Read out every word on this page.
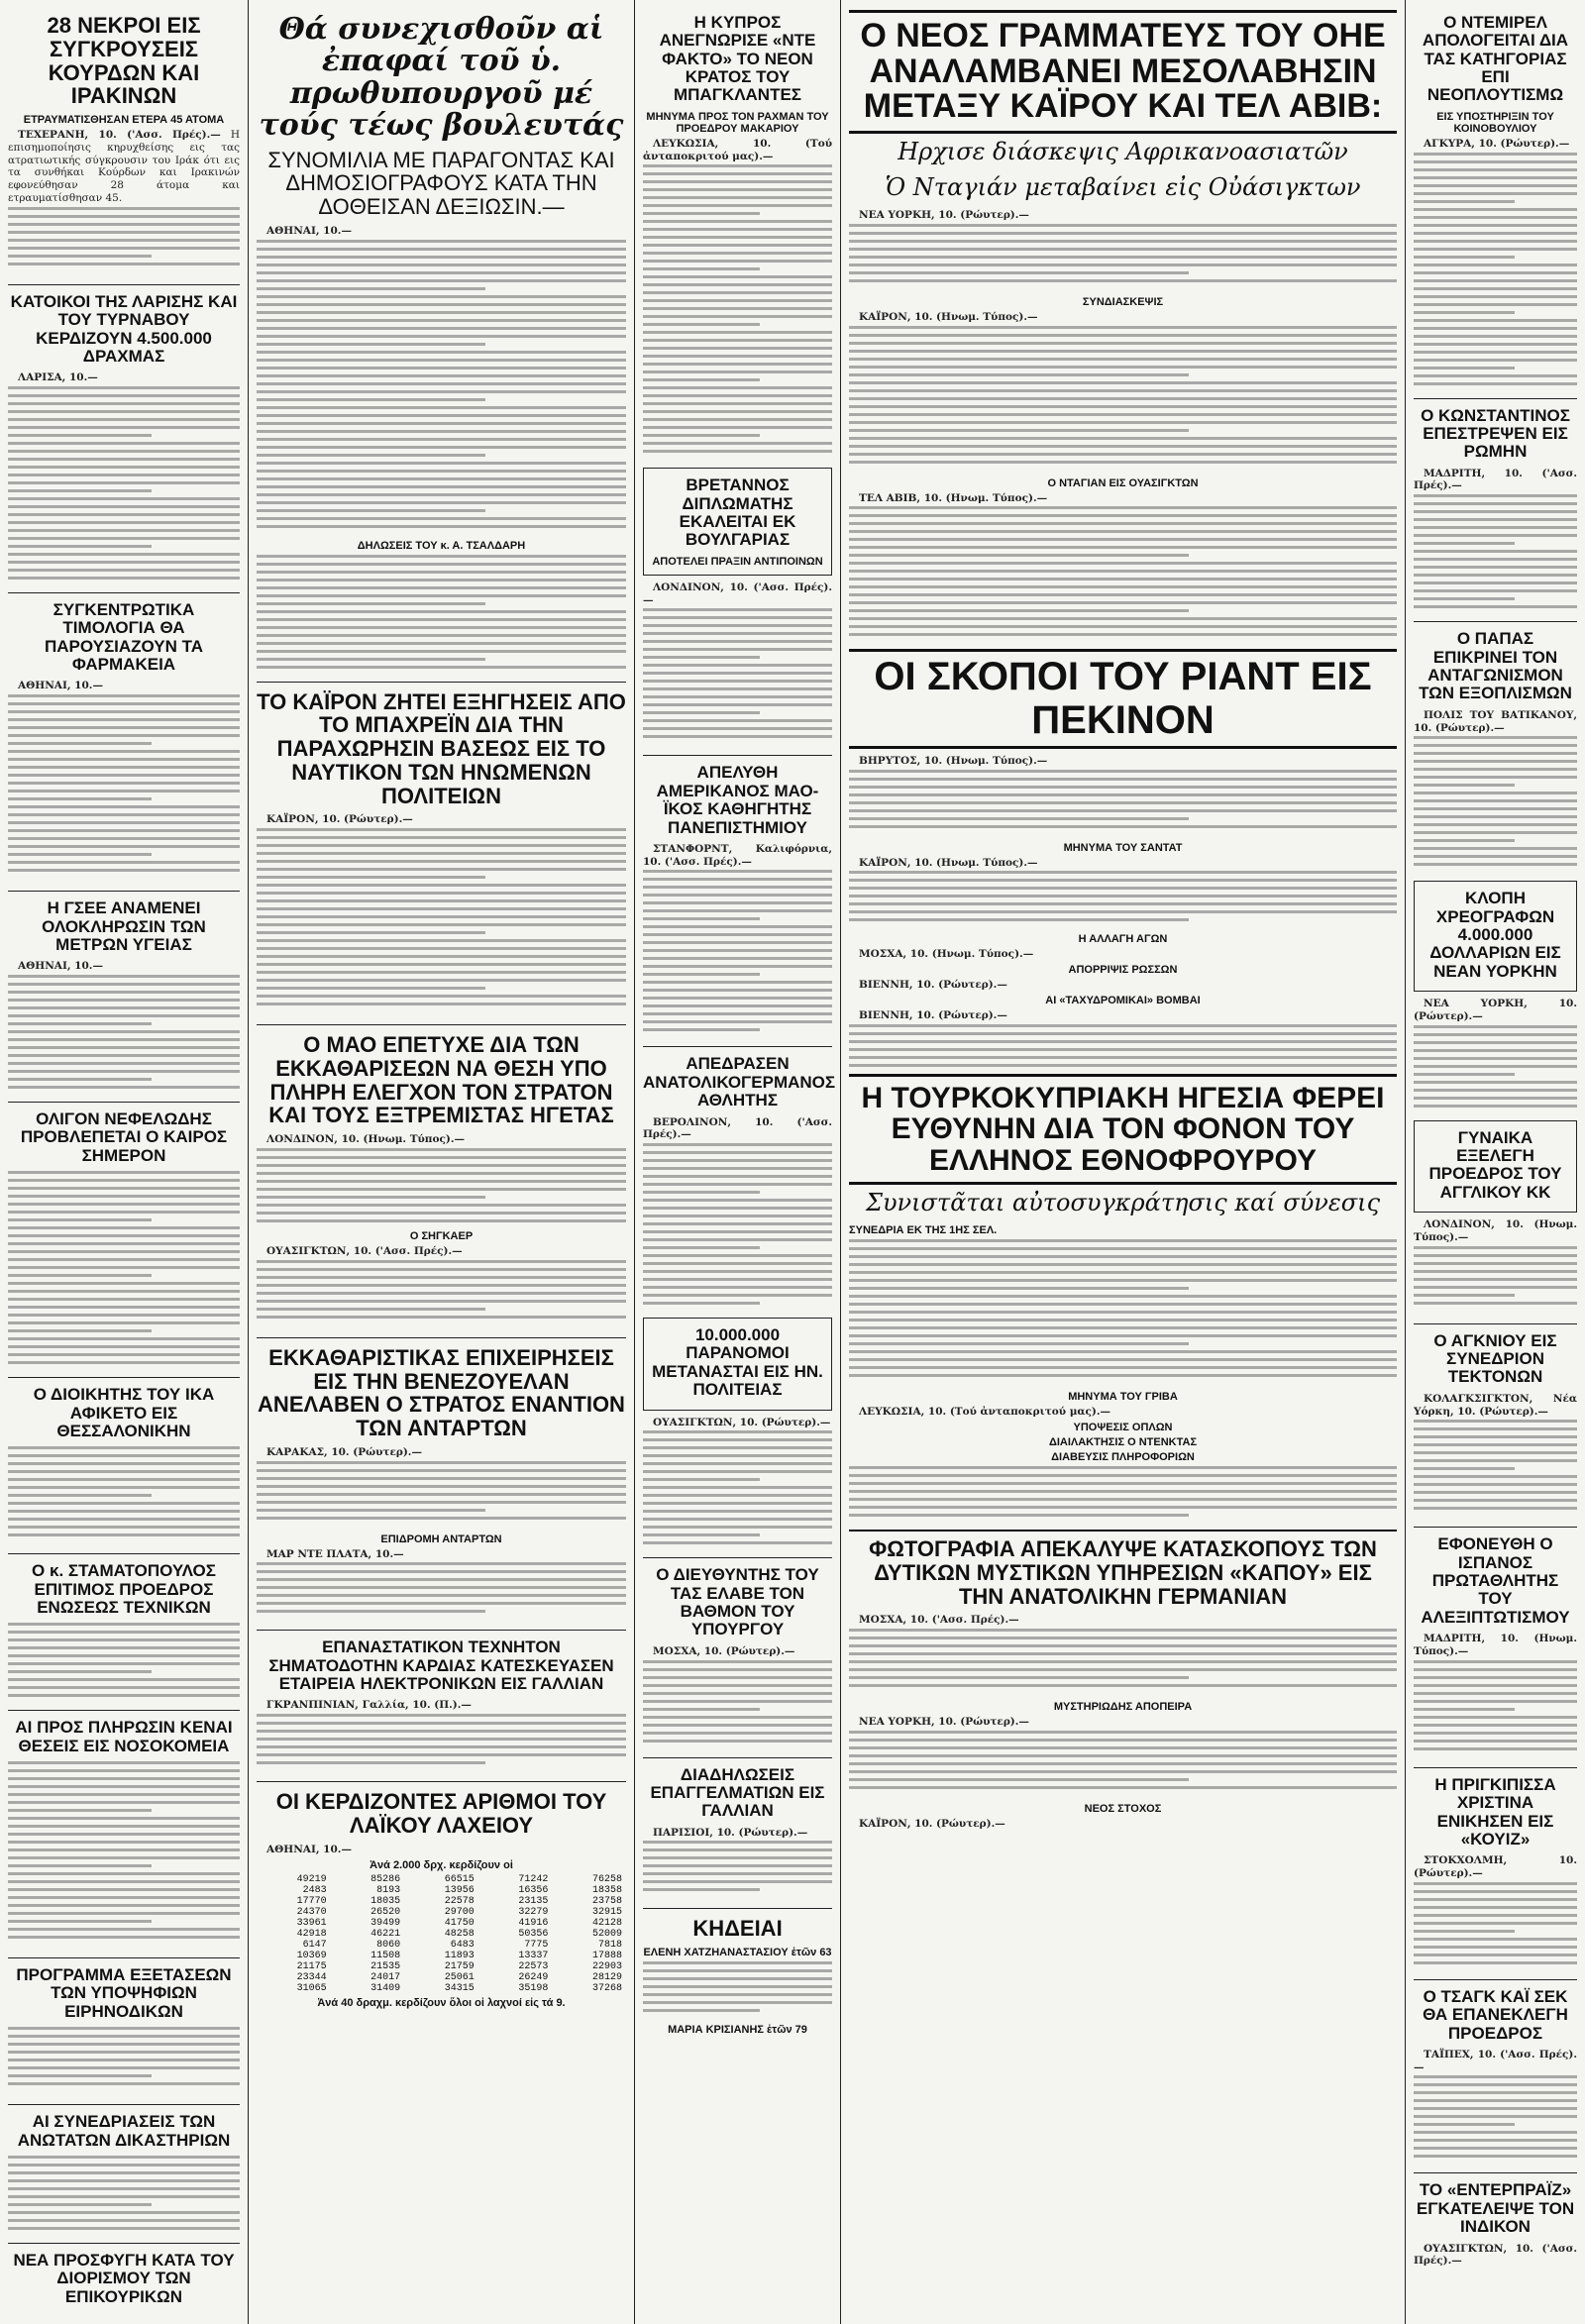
28 ΝΕΚΡΟΙ ΕΙΣ ΣΥΓΚΡΟΥΣΕΙΣ ΚΟΥΡΔΩΝ ΚΑΙ ΙΡΑΚΙΝΩΝ
ΕΤΡΑΥΜΑΤΙΣΘΗΣΑΝ ΕΤΕΡΑ 45 ΑΤΟΜΑ

ΤΕΧΕΡΑΝΗ, 10. ('Ασσ. Πρές).— Η επισημοποίησις κηρυχθείσης εις τας ατρατιωτικής σύγκρουσιν του Ιράκ ότι εις τα συνθήκαι Κούρδων και Ιρακινών εφονεύθησαν 28 άτομα και ετραυματίσθησαν 45.

ΚΑΤΟΙΚΟΙ ΤΗΣ ΛΑΡΙΣΗΣ ΚΑΙ ΤΟΥ ΤΥΡΝΑΒΟΥ ΚΕΡΔΙΖΟΥΝ 4.500.000 ΔΡΑΧΜΑΣ

ΛΑΡΙΣΑ, 10.—

ΣΥΓΚΕΝΤΡΩΤΙΚΑ ΤΙΜΟΛΟΓΙΑ ΘΑ ΠΑΡΟΥΣΙΑΖΟΥΝ ΤΑ ΦΑΡΜΑΚΕΙΑ

ΑΘΗΝΑΙ, 10.—

Η ΓΣΕΕ ΑΝΑΜΕΝΕΙ ΟΛΟΚΛΗΡΩΣΙΝ ΤΩΝ ΜΕΤΡΩΝ ΥΓΕΙΑΣ

ΑΘΗΝΑΙ, 10.—

ΟΛΙΓΟΝ ΝΕΦΕΛΩΔΗΣ ΠΡΟΒΛΕΠΕΤΑΙ Ο ΚΑΙΡΟΣ ΣΗΜΕΡΟΝ
Ο ΔΙΟΙΚΗΤΗΣ ΤΟΥ ΙΚΑ ΑΦΙΚΕΤΟ ΕΙΣ ΘΕΣΣΑΛΟΝΙΚΗΝ
Ο κ. ΣΤΑΜΑΤΟΠΟΥΛΟΣ ΕΠΙΤΙΜΟΣ ΠΡΟΕΔΡΟΣ ΕΝΩΣΕΩΣ ΤΕΧΝΙΚΩΝ
ΑΙ ΠΡΟΣ ΠΛΗΡΩΣΙΝ ΚΕΝΑΙ ΘΕΣΕΙΣ ΕΙΣ ΝΟΣΟΚΟΜΕΙΑ
ΠΡΟΓΡΑΜΜΑ ΕΞΕΤΑΣΕΩΝ ΤΩΝ ΥΠΟΨΗΦΙΩΝ ΕΙΡΗΝΟΔΙΚΩΝ
ΑΙ ΣΥΝΕΔΡΙΑΣΕΙΣ ΤΩΝ ΑΝΩΤΑΤΩΝ ΔΙΚΑΣΤΗΡΙΩΝ
ΝΕΑ ΠΡΟΣΦΥΓΗ ΚΑΤΑ ΤΟΥ ΔΙΟΡΙΣΜΟΥ ΤΩΝ ΕΠΙΚΟΥΡΙΚΩΝ
Θά συνεχισθοῦν αἱ ἐπαφαί τοῦ ὑ. πρωθυπουργοῦ μέ τούς τέως βουλευτάς
ΣΥΝΟΜΙΛΙΑ ΜΕ ΠΑΡΑΓΟΝΤΑΣ ΚΑΙ ΔΗΜΟΣΙΟΓΡΑΦΟΥΣ ΚΑΤΑ ΤΗΝ ΔΟΘΕΙΣΑΝ ΔΕΞΙΩΣΙΝ.—

ΑΘΗΝΑΙ, 10.—

ΔΗΛΩΣΕΙΣ ΤΟΥ κ. Α. ΤΣΑΛΔΑΡΗ
ΤΟ ΚΑΪΡΟΝ ΖΗΤΕΙ ΕΞΗΓΗΣΕΙΣ ΑΠΟ ΤΟ ΜΠΑΧΡΕΪΝ ΔΙΑ ΤΗΝ ΠΑΡΑΧΩΡΗΣΙΝ ΒΑΣΕΩΣ ΕΙΣ ΤΟ ΝΑΥΤΙΚΟΝ ΤΩΝ ΗΝΩΜΕΝΩΝ ΠΟΛΙΤΕΙΩΝ

ΚΑΪΡΟΝ, 10. (Ρώυτερ).—

Ο ΜΑΟ ΕΠΕΤΥΧΕ ΔΙΑ ΤΩΝ ΕΚΚΑΘΑΡΙΣΕΩΝ ΝΑ ΘΕΣΗ ΥΠΟ ΠΛΗΡΗ ΕΛΕΓΧΟΝ ΤΟΝ ΣΤΡΑΤΟΝ ΚΑΙ ΤΟΥΣ ΕΞΤΡΕΜΙΣΤΑΣ ΗΓΕΤΑΣ

ΛΟΝΔΙΝΟΝ, 10. (Ηνωμ. Τύπος).—

Ο ΣΗΓΚΑΕΡ

ΟΥΑΣΙΓΚΤΩΝ, 10. ('Ασσ. Πρές).—

ΕΚΚΑΘΑΡΙΣΤΙΚΑΣ ΕΠΙΧΕΙΡΗΣΕΙΣ ΕΙΣ ΤΗΝ ΒΕΝΕΖΟΥΕΛΑΝ ΑΝΕΛΑΒΕΝ Ο ΣΤΡΑΤΟΣ ΕΝΑΝΤΙΟΝ ΤΩΝ ΑΝΤΑΡΤΩΝ

ΚΑΡΑΚΑΣ, 10. (Ρώυτερ).—

ΕΠΙΔΡΟΜΗ ΑΝΤΑΡΤΩΝ

ΜΑΡ ΝΤΕ ΠΛΑΤΑ, 10.—

ΕΠΑΝΑΣΤΑΤΙΚΟΝ ΤΕΧΝΗΤΟΝ ΣΗΜΑΤΟΔΟΤΗΝ ΚΑΡΔΙΑΣ ΚΑΤΕΣΚΕΥΑΣΕΝ ΕΤΑΙΡΕΙΑ ΗΛΕΚΤΡΟΝΙΚΩΝ ΕΙΣ ΓΑΛΛΙΑΝ

ΓΚΡΑΝΠΙΝΙΑΝ, Γαλλία, 10. (Π.).—

ΟΙ ΚΕΡΔΙΖΟΝΤΕΣ ΑΡΙΘΜΟΙ ΤΟΥ ΛΑΪΚΟΥ ΛΑΧΕΙΟΥ

ΑΘΗΝΑΙ, 10.—

Ἀνά 2.000 δρχ. κερδίζουν οἱ
49219	85286	66515	71242	76258
2483	8193	13956	16356	18358
17770	18035	22578	23135	23758
24370	26520	29700	32279	32915
33961	39499	41750	41916	42128
42918	46221	48258	50356	52009
6147	8060	6483	7775	7818
10369	11508	11893	13337	17888
21175	21535	21759	22573	22903
23344	24017	25061	26249	28129
31065	31409	34315	35198	37268
Ἀνά 40 δραχμ. κερδίζουν ὅλοι οἱ λαχνοί εἰς τά 9.
Η ΚΥΠΡΟΣ ΑΝΕΓΝΩΡΙΣΕ «ΝΤΕ ΦΑΚΤΟ» ΤΟ ΝΕΟΝ ΚΡΑΤΟΣ ΤΟΥ ΜΠΑΓΚΛΑΝΤΕΣ
ΜΗΝΥΜΑ ΠΡΟΣ ΤΟΝ ΡΑΧΜΑΝ ΤΟΥ ΠΡΟΕΔΡΟΥ ΜΑΚΑΡΙΟΥ

ΛΕΥΚΩΣΙΑ, 10. (Τού ἀνταποκριτού μας).—

ΒΡΕΤΑΝΝΟΣ ΔΙΠΛΩΜΑΤΗΣ ΕΚΑΛΕΙΤΑΙ ΕΚ ΒΟΥΛΓΑΡΙΑΣ
ΑΠΟΤΕΛΕΙ ΠΡΑΞΙΝ ΑΝΤΙΠΟΙΝΩΝ

ΛΟΝΔΙΝΟΝ, 10. ('Ασσ. Πρές).—

ΑΠΕΛΥΘΗ ΑΜΕΡΙΚΑΝΟΣ ΜΑΟ-ΪΚΟΣ ΚΑΘΗΓΗΤΗΣ ΠΑΝΕΠΙΣΤΗΜΙΟΥ

ΣΤΑΝΦΟΡΝΤ, Καλιφόρνια, 10. ('Ασσ. Πρές).—

ΑΠΕΔΡΑΣΕΝ ΑΝΑΤΟΛΙΚΟΓΕΡΜΑΝΟΣ ΑΘΛΗΤΗΣ

ΒΕΡΟΛΙΝΟΝ, 10. ('Ασσ. Πρές).—

10.000.000 ΠΑΡΑΝΟΜΟΙ ΜΕΤΑΝΑΣΤΑΙ ΕΙΣ ΗΝ. ΠΟΛΙΤΕΙΑΣ

ΟΥΑΣΙΓΚΤΩΝ, 10. (Ρώυτερ).—

Ο ΔΙΕΥΘΥΝΤΗΣ ΤΟΥ ΤΑΣ ΕΛΑΒΕ ΤΟΝ ΒΑΘΜΟΝ ΤΟΥ ΥΠΟΥΡΓΟΥ

ΜΟΣΧΑ, 10. (Ρώυτερ).—

ΔΙΑΔΗΛΩΣΕΙΣ ΕΠΑΓΓΕΛΜΑΤΙΩΝ ΕΙΣ ΓΑΛΛΙΑΝ

ΠΑΡΙΣΙΟΙ, 10. (Ρώυτερ).—

ΚΗΔΕΙΑΙ
ΕΛΕΝΗ ΧΑΤΖΗΑΝΑΣΤΑΣΙΟΥ ἐτῶν 63
ΜΑΡΙΑ ΚΡΙΣΙΑΝΗΣ ἐτῶν 79
Ο ΝΕΟΣ ΓΡΑΜΜΑΤΕΥΣ ΤΟΥ ΟΗΕ ΑΝΑΛΑΜΒΑΝΕΙ ΜΕΣΟΛΑΒΗΣΙΝ ΜΕΤΑΞΥ ΚΑΪΡΟΥ ΚΑΙ ΤΕΛ ΑΒΙΒ:
Ηρχισε διάσκεψις Αφρικανοασιατῶν
Ὁ Νταγιάν μεταβαίνει εἰς Οὐάσιγκτων

ΝΕΑ ΥΟΡΚΗ, 10. (Ρώυτερ).—

ΣΥΝΔΙΑΣΚΕΨΙΣ

ΚΑΪΡΟΝ, 10. (Ηνωμ. Τύπος).—

Ο ΝΤΑΓΙΑΝ ΕΙΣ ΟΥΑΣΙΓΚΤΩΝ

ΤΕΛ ΑΒΙΒ, 10. (Ηνωμ. Τύπος).—

ΟΙ ΣΚΟΠΟΙ ΤΟΥ ΡΙΑΝΤ ΕΙΣ ΠΕΚΙΝΟΝ

ΒΗΡΥΤΟΣ, 10. (Ηνωμ. Τύπος).—

ΜΗΝΥΜΑ ΤΟΥ ΣΑΝΤΑΤ

ΚΑΪΡΟΝ, 10. (Ηνωμ. Τύπος).—

Η ΑΛΛΑΓΗ ΑΓΩΝ

ΜΟΣΧΑ, 10. (Ηνωμ. Τύπος).—

ΑΠΟΡΡΙΨΙΣ ΡΩΣΣΩΝ

ΒΙΕΝΝΗ, 10. (Ρώυτερ).—

ΑΙ «ΤΑΧΥΔΡΟΜΙΚΑΙ» ΒΟΜΒΑΙ

ΒΙΕΝΝΗ, 10. (Ρώυτερ).—

Η ΤΟΥΡΚΟΚΥΠΡΙΑΚΗ ΗΓΕΣΙΑ ΦΕΡΕΙ ΕΥΘΥΝΗΝ ΔΙΑ ΤΟΝ ΦΟΝΟΝ ΤΟΥ ΕΛΛΗΝΟΣ ΕΘΝΟΦΡΟΥΡΟΥ
Συνιστᾶται αὐτοσυγκράτησις καί σύνεσις
ΣΥΝΕΔΡΙΑ ΕΚ ΤΗΣ 1ΗΣ ΣΕΛ.
ΜΗΝΥΜΑ ΤΟΥ ΓΡΙΒΑ

ΛΕΥΚΩΣΙΑ, 10. (Τού ἀνταποκριτού μας).—

ΥΠΟΨΕΣΙΣ ΟΠΛΩΝ
ΔΙΑΙΛΑΚΤΗΣΙΣ Ο ΝΤΕΝΚΤΑΣ
ΔΙΑΒΕΥΣΙΣ ΠΛΗΡΟΦΟΡΙΩΝ
ΦΩΤΟΓΡΑΦΙΑ ΑΠΕΚΑΛΥΨΕ ΚΑΤΑΣΚΟΠΟΥΣ ΤΩΝ ΔΥΤΙΚΩΝ ΜΥΣΤΙΚΩΝ ΥΠΗΡΕΣΙΩΝ «ΚΑΠΟΥ» ΕΙΣ ΤΗΝ ΑΝΑΤΟΛΙΚΗΝ ΓΕΡΜΑΝΙΑΝ

ΜΟΣΧΑ, 10. ('Ασσ. Πρές).—

ΜΥΣΤΗΡΙΩΔΗΣ ΑΠΟΠΕΙΡΑ

ΝΕΑ ΥΟΡΚΗ, 10. (Ρώυτερ).—

ΝΕΟΣ ΣΤΟΧΟΣ

ΚΑΪΡΟΝ, 10. (Ρώυτερ).—

Ο ΝΤΕΜΙΡΕΛ ΑΠΟΛΟΓΕΙΤΑΙ ΔΙΑ ΤΑΣ ΚΑΤΗΓΟΡΙΑΣ ΕΠΙ ΝΕΟΠΛΟΥΤΙΣΜΩ
ΕΙΣ ΥΠΟΣΤΗΡΙΞΙΝ ΤΟΥ ΚΟΙΝΟΒΟΥΛΙΟΥ

ΑΓΚΥΡΑ, 10. (Ρώυτερ).—

Ο ΚΩΝΣΤΑΝΤΙΝΟΣ ΕΠΕΣΤΡΕΨΕΝ ΕΙΣ ΡΩΜΗΝ

ΜΑΔΡΙΤΗ, 10. ('Ασσ. Πρές).—

Ο ΠΑΠΑΣ ΕΠΙΚΡΙΝΕΙ ΤΟΝ ΑΝΤΑΓΩΝΙΣΜΟΝ ΤΩΝ ΕΞΟΠΛΙΣΜΩΝ

ΠΟΛΙΣ ΤΟΥ ΒΑΤΙΚΑΝΟΥ, 10. (Ρώυτερ).—

ΚΛΟΠΗ ΧΡΕΟΓΡΑΦΩΝ 4.000.000 ΔΟΛΛΑΡΙΩΝ ΕΙΣ ΝΕΑΝ ΥΟΡΚΗΝ

ΝΕΑ ΥΟΡΚΗ, 10. (Ρώυτερ).—

ΓΥΝΑΙΚΑ ΕΞΕΛΕΓΗ ΠΡΟΕΔΡΟΣ ΤΟΥ ΑΓΓΛΙΚΟΥ ΚΚ

ΛΟΝΔΙΝΟΝ, 10. (Ηνωμ. Τύπος).—

Ο ΑΓΚΝΙΟΥ ΕΙΣ ΣΥΝΕΔΡΙΟΝ ΤΕΚΤΟΝΩΝ

ΚΟΛΑΓΚΣΙΓΚΤΟΝ, Νέα Υόρκη, 10. (Ρώυτερ).—

ΕΦΟΝΕΥΘΗ Ο ΙΣΠΑΝΟΣ ΠΡΩΤΑΘΛΗΤΗΣ ΤΟΥ ΑΛΕΞΙΠΤΩΤΙΣΜΟΥ

ΜΑΔΡΙΤΗ, 10. (Ηνωμ. Τύπος).—

Η ΠΡΙΓΚΙΠΙΣΣΑ ΧΡΙΣΤΙΝΑ ΕΝΙΚΗΣΕΝ ΕΙΣ «ΚΟΥΙΖ»

ΣΤΟΚΧΟΛΜΗ, 10. (Ρώυτερ).—

Ο ΤΣΑΓΚ ΚΑΪ ΣΕΚ ΘΑ ΕΠΑΝΕΚΛΕΓΗ ΠΡΟΕΔΡΟΣ

ΤΑΪΠΕΧ, 10. ('Ασσ. Πρές).—

ΤΟ «ΕΝΤΕΡΠΡΑΪΖ» ΕΓΚΑΤΕΛΕΙΨΕ ΤΟΝ ΙΝΔΙΚΟΝ

ΟΥΑΣΙΓΚΤΩΝ, 10. ('Ασσ. Πρές).—
